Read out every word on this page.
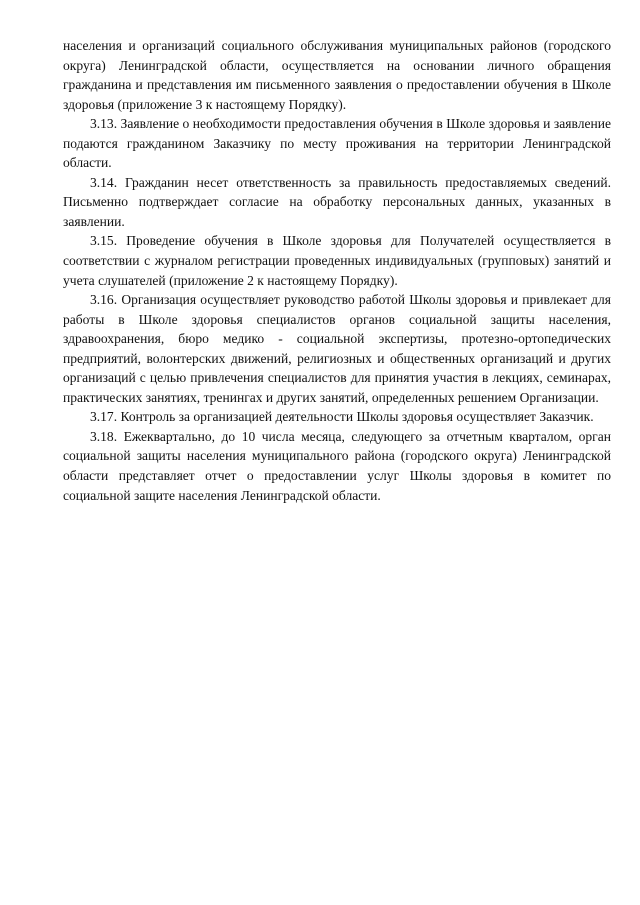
населения и организаций социального обслуживания муниципальных районов (городского округа) Ленинградской области, осуществляется на основании личного обращения гражданина и представления им письменного заявления о предоставлении обучения в Школе здоровья (приложение 3 к настоящему Порядку).

3.13. Заявление о необходимости предоставления обучения в Школе здоровья и заявление подаются гражданином Заказчику по месту проживания на территории Ленинградской области.

3.14. Гражданин несет ответственность за правильность предоставляемых сведений. Письменно подтверждает согласие на обработку персональных данных, указанных в заявлении.

3.15. Проведение обучения в Школе здоровья для Получателей осуществляется в соответствии с журналом регистрации проведенных индивидуальных (групповых) занятий и учета слушателей (приложение 2 к настоящему Порядку).

3.16. Организация осуществляет руководство работой Школы здоровья и привлекает для работы в Школе здоровья специалистов органов социальной защиты населения, здравоохранения, бюро медико - социальной экспертизы, протезно-ортопедических предприятий, волонтерских движений, религиозных и общественных организаций и других организаций с целью привлечения специалистов для принятия участия в лекциях, семинарах, практических занятиях, тренингах и других занятий, определенных решением Организации.

3.17. Контроль за организацией деятельности Школы здоровья осуществляет Заказчик.

3.18. Ежеквартально, до 10 числа месяца, следующего за отчетным кварталом, орган социальной защиты населения муниципального района (городского округа) Ленинградской области представляет отчет о предоставлении услуг Школы здоровья в комитет по социальной защите населения Ленинградской области.
